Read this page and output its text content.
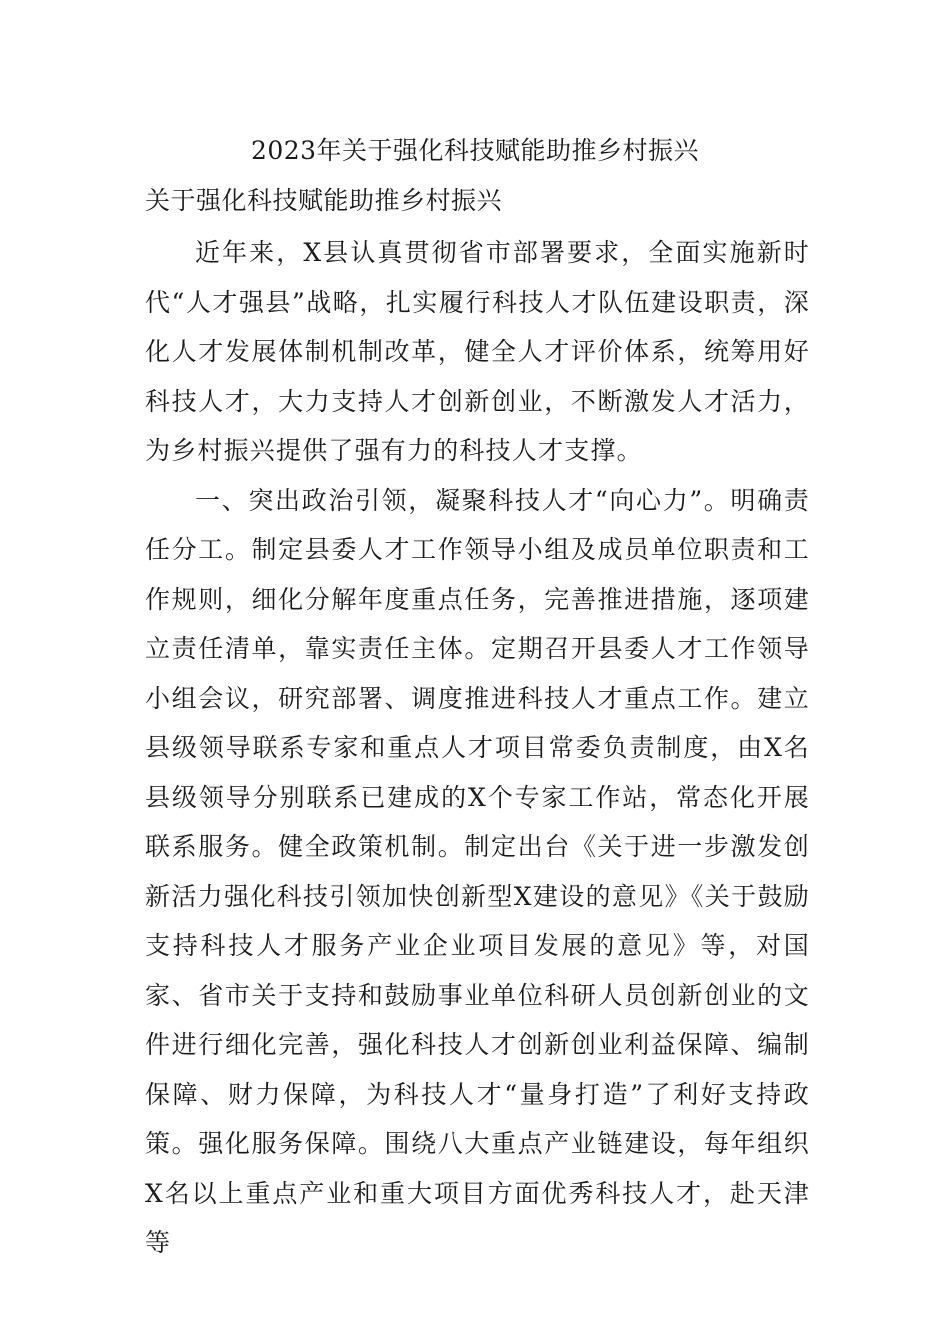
2023年关于强化科技赋能助推乡村振兴
关于强化科技赋能助推乡村振兴

近年来，X县认真贯彻省市部署要求，全面实施新时代“人才强县”战略，扎实履行科技人才队伍建设职责，深化人才发展体制机制改革，健全人才评价体系，统筹用好科技人才，大力支持人才创新创业，不断激发人才活力，为乡村振兴提供了强有力的科技人才支撑。

一、突出政治引领，凝聚科技人才“向心力”。明确责任分工。制定县委人才工作领导小组及成员单位职责和工作规则，细化分解年度重点任务，完善推进措施，逐项建立责任清单，靠实责任主体。定期召开县委人才工作领导小组会议，研究部署、调度推进科技人才重点工作。建立县级领导联系专家和重点人才项目常委负责制度，由X名县级领导分别联系已建成的X个专家工作站，常态化开展联系服务。健全政策机制。制定出台《关于进一步激发创新活力强化科技引领加快创新型X建设的意见》《关于鼓励支持科技人才服务产业企业项目发展的意见》等，对国家、省市关于支持和鼓励事业单位科研人员创新创业的文件进行细化完善，强化科技人才创新创业利益保障、编制保障、财力保障，为科技人才“量身打造”了利好支持政策。强化服务保障。围绕八大重点产业链建设，每年组织X名以上重点产业和重大项目方面优秀科技人才，赴天津等
